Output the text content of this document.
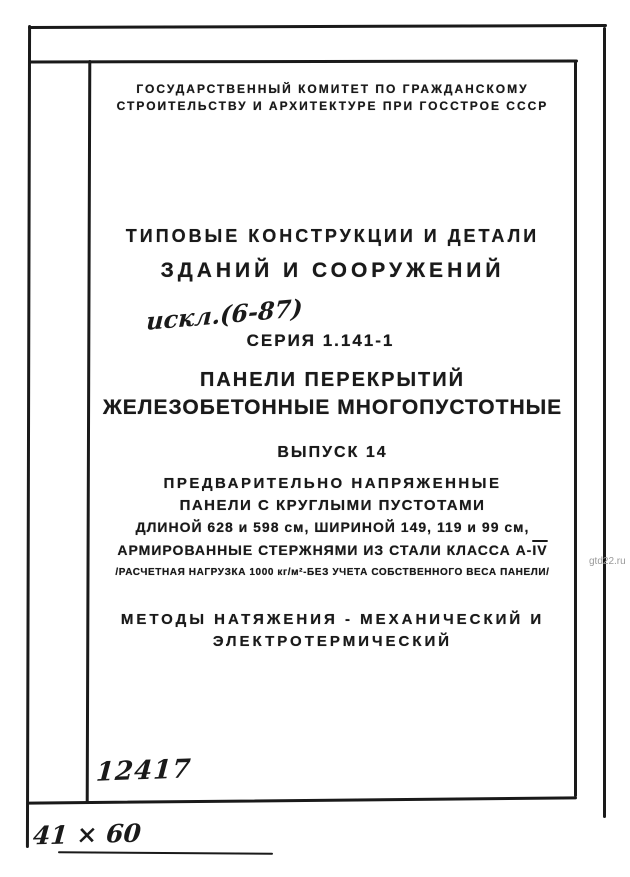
ГОСУДАРСТВЕННЫЙ КОМИТЕТ ПО ГРАЖДАНСКОМУ
СТРОИТЕЛЬСТВУ И АРХИТЕКТУРЕ ПРИ ГОССТРОЕ СССР
ТИПОВЫЕ КОНСТРУКЦИИ И ДЕТАЛИ
ЗДАНИЙ И СООРУЖЕНИЙ
искл.(6-87)
СЕРИЯ 1.141-1
ПАНЕЛИ ПЕРЕКРЫТИЙ
ЖЕЛЕЗОБЕТОННЫЕ МНОГОПУСТОТНЫЕ
ВЫПУСК 14
ПРЕДВАРИТЕЛЬНО НАПРЯЖЕННЫЕ
ПАНЕЛИ С КРУГЛЫМИ ПУСТОТАМИ
ДЛИНОЙ 628 и 598 см, ШИРИНОЙ 149, 119 и 99 см,
АРМИРОВАННЫЕ СТЕРЖНЯМИ ИЗ СТАЛИ КЛАССА $А-\overline{IV}$
/РАСЧЕТНАЯ НАГРУЗКА 1000 кг/м²-БЕЗ УЧЕТА СОБСТВЕННОГО ВЕСА ПАНЕЛИ/
МЕТОДЫ НАТЯЖЕНИЯ - МЕХАНИЧЕСКИЙ И
ЭЛЕКТРОТЕРМИЧЕСКИЙ
12417
41 × 60
gtd22.ru
